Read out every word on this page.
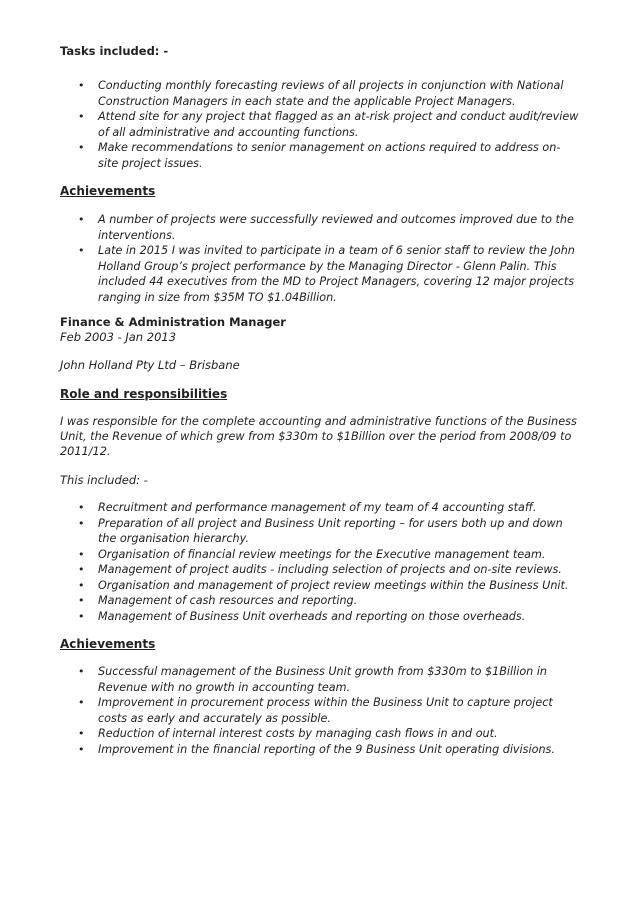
Tasks included: -

• Conducting monthly forecasting reviews of all projects in conjunction with National Construction Managers in each state and the applicable Project Managers.
• Attend site for any project that flagged as an at-risk project and conduct audit/review of all administrative and accounting functions.
• Make recommendations to senior management on actions required to address on-site project issues.

Achievements

• A number of projects were successfully reviewed and outcomes improved due to the interventions.
• Late in 2015 I was invited to participate in a team of 6 senior staff to review the John Holland Group’s project performance by the Managing Director - Glenn Palin. This included 44 executives from the MD to Project Managers, covering 12 major projects ranging in size from $35M TO $1.04Billion.

Finance & Administration Manager

Feb 2003 - Jan 2013

John Holland Pty Ltd – Brisbane

Role and responsibilities

I was responsible for the complete accounting and administrative functions of the Business Unit, the Revenue of which grew from $330m to $1Billion over the period from 2008/09 to 2011/12.

This included: -

• Recruitment and performance management of my team of 4 accounting staff.
• Preparation of all project and Business Unit reporting – for users both up and down the organisation hierarchy.
• Organisation of financial review meetings for the Executive management team.
• Management of project audits - including selection of projects and on-site reviews.
• Organisation and management of project review meetings within the Business Unit.
• Management of cash resources and reporting.
• Management of Business Unit overheads and reporting on those overheads.

Achievements

• Successful management of the Business Unit growth from $330m to $1Billion in Revenue with no growth in accounting team.
• Improvement in procurement process within the Business Unit to capture project costs as early and accurately as possible.
• Reduction of internal interest costs by managing cash flows in and out.
• Improvement in the financial reporting of the 9 Business Unit operating divisions.
